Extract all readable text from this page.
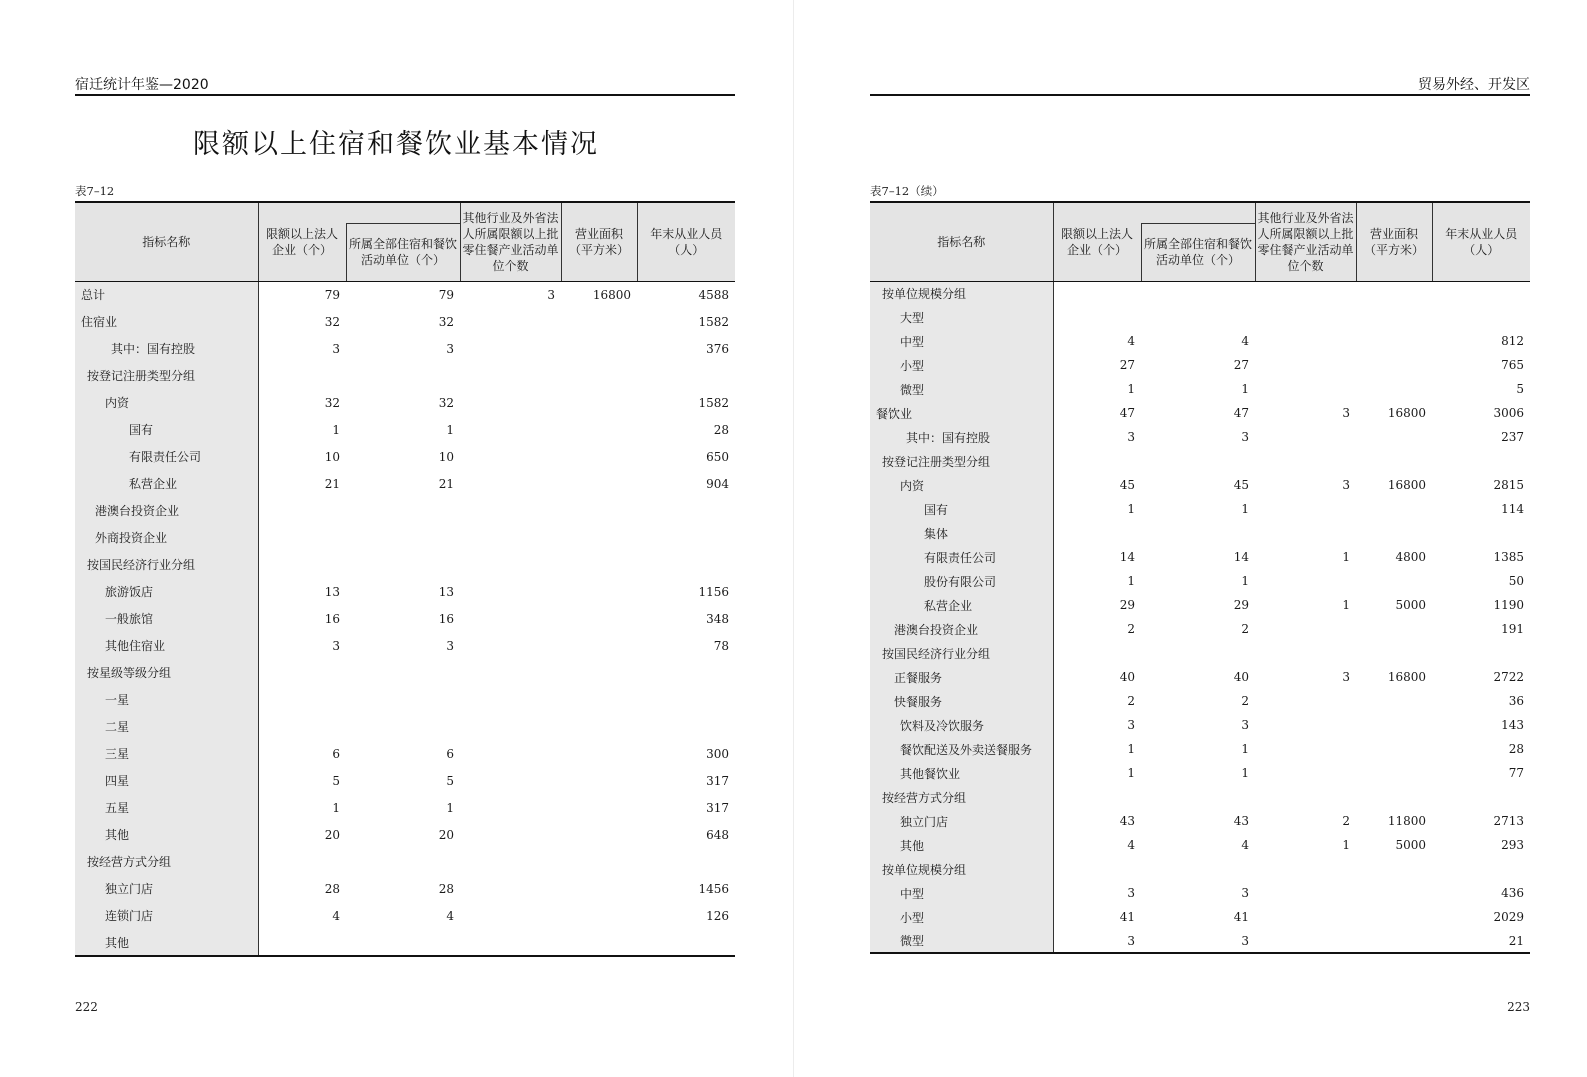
宿迁统计年鉴—2020
限额以上住宿和餐饮业基本情况
表7–12
指标名称	限额以上法人企业（个）		其他行业及外省法人所属限额以上批零住餐产业活动单位个数	营业面积（平方米）	年末从业人员（人）
		所属全部住宿和餐饮活动单位（个）			
总计	79	79	3	16800	4588
住宿业	32	32			1582
其中：国有控股	3	3			376
按登记注册类型分组					
内资	32	32			1582
国有	1	1			28
有限责任公司	10	10			650
私营企业	21	21			904
港澳台投资企业					
外商投资企业					
按国民经济行业分组					
旅游饭店	13	13			1156
一般旅馆	16	16			348
其他住宿业	3	3			78
按星级等级分组					
一星					
二星					
三星	6	6			300
四星	5	5			317
五星	1	1			317
其他	20	20			648
按经营方式分组					
独立门店	28	28			1456
连锁门店	4	4			126
其他					
222
贸易外经、开发区
表7–12（续）
指标名称	限额以上法人企业（个）		其他行业及外省法人所属限额以上批零住餐产业活动单位个数	营业面积（平方米）	年末从业人员（人）
		所属全部住宿和餐饮活动单位（个）			
按单位规模分组					
大型					
中型	4	4			812
小型	27	27			765
微型	1	1			5
餐饮业	47	47	3	16800	3006
其中：国有控股	3	3			237
按登记注册类型分组					
内资	45	45	3	16800	2815
国有	1	1			114
集体					
有限责任公司	14	14	1	4800	1385
股份有限公司	1	1			50
私营企业	29	29	1	5000	1190
港澳台投资企业	2	2			191
按国民经济行业分组					
正餐服务	40	40	3	16800	2722
快餐服务	2	2			36
饮料及冷饮服务	3	3			143
餐饮配送及外卖送餐服务	1	1			28
其他餐饮业	1	1			77
按经营方式分组					
独立门店	43	43	2	11800	2713
其他	4	4	1	5000	293
按单位规模分组					
中型	3	3			436
小型	41	41			2029
微型	3	3			21
223
